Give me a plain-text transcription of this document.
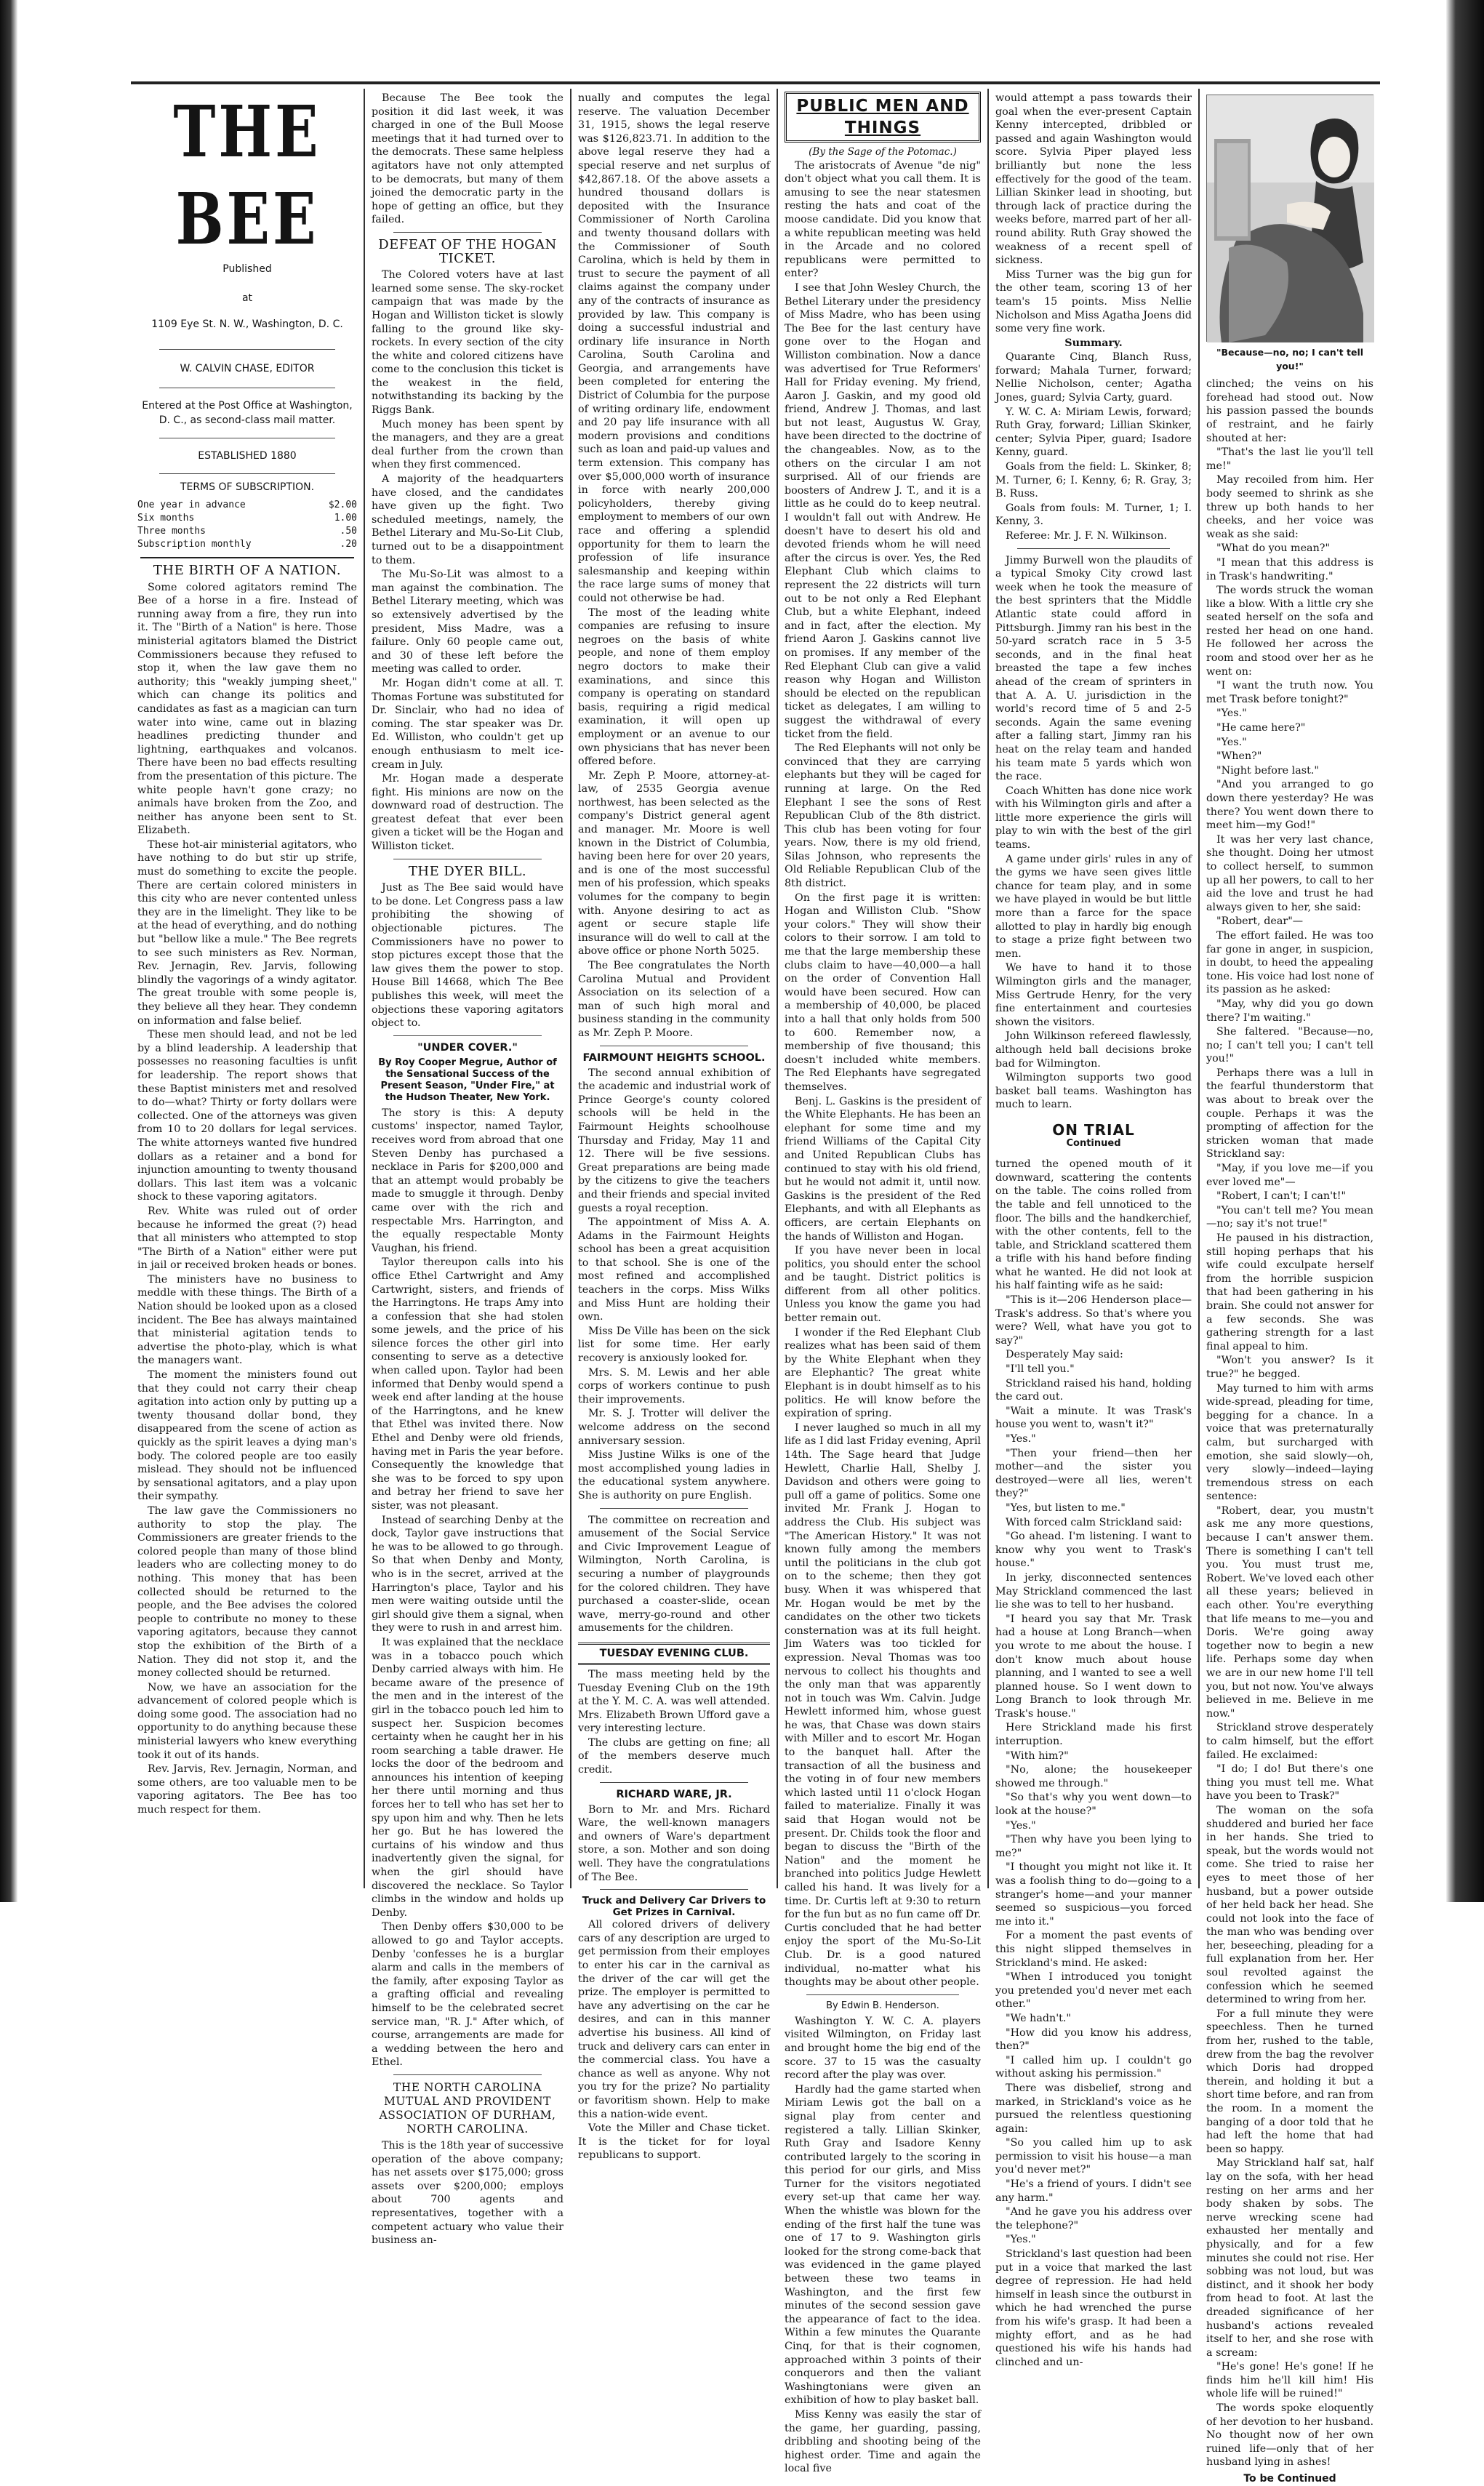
THE BEE
Published
at
1109 Eye St. N. W., Washington, D. C.
W. CALVIN CHASE, EDITOR
Entered at the Post Office at Washington, D. C., as second-class mail matter.
ESTABLISHED 1880
TERMS OF SUBSCRIPTION.
One year in advance	$2.00
Six months	1.00
Three months	.50
Subscription monthly	.20
THE BIRTH OF A NATION.

Some colored agitators remind The Bee of a horse in a fire. Instead of running away from a fire, they run into it. The "Birth of a Nation" is here. Those ministerial agitators blamed the District Commissioners because they refused to stop it, when the law gave them no authority; this "weakly jumping sheet," which can change its politics and candidates as fast as a magician can turn water into wine, came out in blazing headlines predicting thunder and lightning, earthquakes and volcanos. There have been no bad effects resulting from the presentation of this picture. The white people havn't gone crazy; no animals have broken from the Zoo, and neither has anyone been sent to St. Elizabeth.

These hot-air ministerial agitators, who have nothing to do but stir up strife, must do something to excite the people. There are certain colored ministers in this city who are never contented unless they are in the limelight. They like to be at the head of everything, and do nothing but "bellow like a mule." The Bee regrets to see such ministers as Rev. Norman, Rev. Jernagin, Rev. Jarvis, following blindly the vagorings of a windy agitator. The great trouble with some people is, they believe all they hear. They condemn on information and false belief.

These men should lead, and not be led by a blind leadership. A leadership that possesses no reasoning faculties is unfit for leadership. The report shows that these Baptist ministers met and resolved to do—what? Thirty or forty dollars were collected. One of the attorneys was given from 10 to 20 dollars for legal services. The white attorneys wanted five hundred dollars as a retainer and a bond for injunction amounting to twenty thousand dollars. This last item was a volcanic shock to these vaporing agitators.

Rev. White was ruled out of order because he informed the great (?) head that all ministers who attempted to stop "The Birth of a Nation" either were put in jail or received broken heads or bones.

The ministers have no business to meddle with these things. The Birth of a Nation should be looked upon as a closed incident. The Bee has always maintained that ministerial agitation tends to advertise the photo-play, which is what the managers want.

The moment the ministers found out that they could not carry their cheap agitation into action only by putting up a twenty thousand dollar bond, they disappeared from the scene of action as quickly as the spirit leaves a dying man's body. The colored people are too easily mislead. They should not be influenced by sensational agitators, and a play upon their sympathy.

The law gave the Commissioners no authority to stop the play. The Commissioners are greater friends to the colored people than many of those blind leaders who are collecting money to do nothing. This money that has been collected should be returned to the people, and the Bee advises the colored people to contribute no money to these vaporing agitators, because they cannot stop the exhibition of the Birth of a Nation. They did not stop it, and the money collected should be returned.

Now, we have an association for the advancement of colored people which is doing some good. The association had no opportunity to do anything because these ministerial lawyers who knew everything took it out of its hands.

Rev. Jarvis, Rev. Jernagin, Norman, and some others, are too valuable men to be vaporing agitators. The Bee has too much respect for them.

Because The Bee took the position it did last week, it was charged in one of the Bull Moose meetings that it had turned over to the democrats. These same helpless agitators have not only attempted to be democrats, but many of them joined the democratic party in the hope of getting an office, but they failed.

DEFEAT OF THE HOGAN TICKET.

The Colored voters have at last learned some sense. The sky-rocket campaign that was made by the Hogan and Williston ticket is slowly falling to the ground like sky-rockets. In every section of the city the white and colored citizens have come to the conclusion this ticket is the weakest in the field, notwithstanding its backing by the Riggs Bank.

Much money has been spent by the managers, and they are a great deal further from the crown than when they first commenced.

A majority of the headquarters have closed, and the candidates have given up the fight. Two scheduled meetings, namely, the Bethel Literary and Mu-So-Lit Club, turned out to be a disappointment to them.

The Mu-So-Lit was almost to a man against the combination. The Bethel Literary meeting, which was so extensively advertised by the president, Miss Madre, was a failure. Only 60 people came out, and 30 of these left before the meeting was called to order.

Mr. Hogan didn't come at all. T. Thomas Fortune was substituted for Dr. Sinclair, who had no idea of coming. The star speaker was Dr. Ed. Williston, who couldn't get up enough enthusiasm to melt ice-cream in July.

Mr. Hogan made a desperate fight. His minions are now on the downward road of destruction. The greatest defeat that ever been given a ticket will be the Hogan and Williston ticket.

THE DYER BILL.

Just as The Bee said would have to be done. Let Congress pass a law prohibiting the showing of objectionable pictures. The Commissioners have no power to stop pictures except those that the law gives them the power to stop. House Bill 14668, which The Bee publishes this week, will meet the objections these vaporing agitators object to.

"UNDER COVER."
By Roy Cooper Megrue, Author of the Sensational Success of the Present Season, "Under Fire," at the Hudson Theater, New York.

The story is this: A deputy customs' inspector, named Taylor, receives word from abroad that one Steven Denby has purchased a necklace in Paris for $200,000 and that an attempt would probably be made to smuggle it through. Denby came over with the rich and respectable Mrs. Harrington, and the equally respectable Monty Vaughan, his friend.

Taylor thereupon calls into his office Ethel Cartwright and Amy Cartwright, sisters, and friends of the Harringtons. He traps Amy into a confession that she had stolen some jewels, and the price of his silence forces the other girl into consenting to serve as a detective when called upon. Taylor had been informed that Denby would spend a week end after landing at the house of the Harringtons, and he knew that Ethel was invited there. Now Ethel and Denby were old friends, having met in Paris the year before. Consequently the knowledge that she was to be forced to spy upon and betray her friend to save her sister, was not pleasant.

Instead of searching Denby at the dock, Taylor gave instructions that he was to be allowed to go through. So that when Denby and Monty, who is in the secret, arrived at the Harrington's place, Taylor and his men were waiting outside until the girl should give them a signal, when they were to rush in and arrest him.

It was explained that the necklace was in a tobacco pouch which Denby carried always with him. He became aware of the presence of the men and in the interest of the girl in the tobacco pouch led him to suspect her. Suspicion becomes certainty when he caught her in his room searching a table drawer. He locks the door of the bedroom and announces his intention of keeping her there until morning and thus forces her to tell who has set her to spy upon him and why. Then he lets her go. But he has lowered the curtains of his window and thus inadvertently given the signal, for when the girl should have discovered the necklace. So Taylor climbs in the window and holds up Denby.

Then Denby offers $30,000 to be allowed to go and Taylor accepts. Denby 'confesses he is a burglar alarm and calls in the members of the family, after exposing Taylor as a grafting official and revealing himself to be the celebrated secret service man, "R. J." After which, of course, arrangements are made for a wedding between the hero and Ethel.

THE NORTH CAROLINA MUTUAL AND PROVIDENT ASSOCIATION OF DURHAM, NORTH CAROLINA.

This is the 18th year of successive operation of the above company; has net assets over $175,000; gross assets over $200,000; employs about 700 agents and representatives, together with a competent actuary who value their business an-

nually and computes the legal reserve. The valuation December 31, 1915, shows the legal reserve was $126,823.71. In addition to the above legal reserve they had a special reserve and net surplus of $42,867.18. Of the above assets a hundred thousand dollars is deposited with the Insurance Commissioner of North Carolina and twenty thousand dollars with the Commissioner of South Carolina, which is held by them in trust to secure the payment of all claims against the company under any of the contracts of insurance as provided by law. This company is doing a successful industrial and ordinary life insurance in North Carolina, South Carolina and Georgia, and arrangements have been completed for entering the District of Columbia for the purpose of writing ordinary life, endowment and 20 pay life insurance with all modern provisions and conditions such as loan and paid-up values and term extension. This company has over $5,000,000 worth of insurance in force with nearly 200,000 policyholders, thereby giving employment to members of our own race and offering a splendid opportunity for them to learn the profession of life insurance salesmanship and keeping within the race large sums of money that could not otherwise be had.

The most of the leading white companies are refusing to insure negroes on the basis of white people, and none of them employ negro doctors to make their examinations, and since this company is operating on standard basis, requiring a rigid medical examination, it will open up employment or an avenue to our own physicians that has never been offered before.

Mr. Zeph P. Moore, attorney-at-law, of 2535 Georgia avenue northwest, has been selected as the company's District general agent and manager. Mr. Moore is well known in the District of Columbia, having been here for over 20 years, and is one of the most successful men of his profession, which speaks volumes for the company to begin with. Anyone desiring to act as agent or secure staple life insurance will do well to call at the above office or phone North 5025.

The Bee congratulates the North Carolina Mutual and Provident Association on its selection of a man of such high moral and business standing in the community as Mr. Zeph P. Moore.

FAIRMOUNT HEIGHTS SCHOOL.

The second annual exhibition of the academic and industrial work of Prince George's county colored schools will be held in the Fairmount Heights schoolhouse Thursday and Friday, May 11 and 12. There will be five sessions. Great preparations are being made by the citizens to give the teachers and their friends and special invited guests a royal reception.

The appointment of Miss A. A. Adams in the Fairmount Heights school has been a great acquisition to that school. She is one of the most refined and accomplished teachers in the corps. Miss Wilks and Miss Hunt are holding their own.

Miss De Ville has been on the sick list for some time. Her early recovery is anxiously looked for.

Mrs. S. M. Lewis and her able corps of workers continue to push their improvements.

Mr. S. J. Trotter will deliver the welcome address on the second anniversary session.

Miss Justine Wilks is one of the most accomplished young ladies in the educational system anywhere. She is authority on pure English.

The committee on recreation and amusement of the Social Service and Civic Improvement League of Wilmington, North Carolina, is securing a number of playgrounds for the colored children. They have purchased a coaster-slide, ocean wave, merry-go-round and other amusements for the children.

TUESDAY EVENING CLUB.

The mass meeting held by the Tuesday Evening Club on the 19th at the Y. M. C. A. was well attended. Mrs. Elizabeth Brown Ufford gave a very interesting lecture.

The clubs are getting on fine; all of the members deserve much credit.

RICHARD WARE, JR.

Born to Mr. and Mrs. Richard Ware, the well-known managers and owners of Ware's department store, a son. Mother and son doing well. They have the congratulations of The Bee.

Truck and Delivery Car Drivers to Get Prizes in Carnival.

All colored drivers of delivery cars of any description are urged to get permission from their employes to enter his car in the carnival as the driver of the car will get the prize. The employer is permitted to have any advertising on the car he desires, and can in this manner advertise his business. All kind of truck and delivery cars can enter in the commercial class. You have a chance as well as anyone. Why not you try for the prize? No partiality or favoritism shown. Help to make this a nation-wide event.

Vote the Miller and Chase ticket. It is the ticket for for loyal republicans to support.

PUBLIC MEN AND THINGS
(By the Sage of the Potomac.)

The aristocrats of Avenue "de nig" don't object what you call them. It is amusing to see the near statesmen resting the hats and coat of the moose candidate. Did you know that a white republican meeting was held in the Arcade and no colored republicans were permitted to enter?

I see that John Wesley Church, the Bethel Literary under the presidency of Miss Madre, who has been using The Bee for the last century have gone over to the Hogan and Williston combination. Now a dance was advertised for True Reformers' Hall for Friday evening. My friend, Aaron J. Gaskin, and my good old friend, Andrew J. Thomas, and last but not least, Augustus W. Gray, have been directed to the doctrine of the changeables. Now, as to the others on the circular I am not surprised. All of our friends are boosters of Andrew J. T., and it is a little as he could do to keep neutral. I wouldn't fall out with Andrew. He doesn't have to desert his old and devoted friends whom he will need after the circus is over. Yes, the Red Elephant Club which claims to represent the 22 districts will turn out to be not only a Red Elephant Club, but a white Elephant, indeed and in fact, after the election. My friend Aaron J. Gaskins cannot live on promises. If any member of the Red Elephant Club can give a valid reason why Hogan and Williston should be elected on the republican ticket as delegates, I am willing to suggest the withdrawal of every ticket from the field.

The Red Elephants will not only be convinced that they are carrying elephants but they will be caged for running at large. On the Red Elephant I see the sons of Rest Republican Club of the 8th district. This club has been voting for four years. Now, there is my old friend, Silas Johnson, who represents the Old Reliable Republican Club of the 8th district.

On the first page it is written: Hogan and Williston Club. "Show your colors." They will show their colors to their sorrow. I am told to me that the large membership these clubs claim to have—40,000—a hall on the order of Convention Hall would have been secured. How can a membership of 40,000, be placed into a hall that only holds from 500 to 600. Remember now, a membership of five thousand; this doesn't included white members. The Red Elephants have segregated themselves.

Benj. L. Gaskins is the president of the White Elephants. He has been an elephant for some time and my friend Williams of the Capital City and United Republican Clubs has continued to stay with his old friend, but he would not admit it, until now. Gaskins is the president of the Red Elephants, and with all Elephants as officers, are certain Elephants on the hands of Williston and Hogan.

If you have never been in local politics, you should enter the school and be taught. District politics is different from all other politics. Unless you know the game you had better remain out.

I wonder if the Red Elephant Club realizes what has been said of them by the White Elephant when they are Elephantic? The great white Elephant is in doubt himself as to his politics. He will know before the expiration of spring.

I never laughed so much in all my life as I did last Friday evening, April 14th. The Sage heard that Judge Hewlett, Charlie Hall, Shelby J. Davidson and others were going to pull off a game of politics. Some one invited Mr. Frank J. Hogan to address the Club. His subject was "The American History." It was not known fully among the members until the politicians in the club got on to the scheme; then they got busy. When it was whispered that Mr. Hogan would be met by the candidates on the other two tickets consternation was at its full height. Jim Waters was too tickled for expression. Neval Thomas was too nervous to collect his thoughts and the only man that was apparently not in touch was Wm. Calvin. Judge Hewlett informed him, whose guest he was, that Chase was down stairs with Miller and to escort Mr. Hogan to the banquet hall. After the transaction of all the business and the voting in of four new members which lasted until 11 o'clock Hogan failed to materialize. Finally it was said that Hogan would not be present. Dr. Childs took the floor and began to discuss the "Birth of the Nation" and the moment he branched into politics Judge Hewlett called his hand. It was lively for a time. Dr. Curtis left at 9:30 to return for the fun but as no fun came off Dr. Curtis concluded that he had better enjoy the sport of the Mu-So-Lit Club. Dr. is a good natured individual, no-matter what his thoughts may be about other people.

By Edwin B. Henderson.

Washington Y. W. C. A. players visited Wilmington, on Friday last and brought home the big end of the score. 37 to 15 was the casualty record after the play was over.

Hardly had the game started when Miriam Lewis got the ball on a signal play from center and registered a tally. Lillian Skinker, Ruth Gray and Isadore Kenny contributed largely to the scoring in this period for our girls, and Miss Turner for the visitors negotiated every set-up that came her way. When the whistle was blown for the ending of the first half the tune was one of 17 to 9. Washington girls looked for the strong come-back that was evidenced in the game played between these two teams in Washington, and the first few minutes of the second session gave the appearance of fact to the idea. Within a few minutes the Quarante Cinq, for that is their cognomen, approached within 3 points of their conquerors and then the valiant Washingtonians were given an exhibition of how to play basket ball.

Miss Kenny was easily the star of the game, her guarding, passing, dribbling and shooting being of the highest order. Time and again the local five

would attempt a pass towards their goal when the ever-present Captain Kenny intercepted, dribbled or passed and again Washington would score. Sylvia Piper played less brilliantly but none the less effectively for the good of the team. Lillian Skinker lead in shooting, but through lack of practice during the weeks before, marred part of her all-round ability. Ruth Gray showed the weakness of a recent spell of sickness.

Miss Turner was the big gun for the other team, scoring 13 of her team's 15 points. Miss Nellie Nicholson and Miss Agatha Joens did some very fine work.

Summary.

Quarante Cinq, Blanch Russ, forward; Mahala Turner, forward; Nellie Nicholson, center; Agatha Jones, guard; Sylvia Carty, guard.

Y. W. C. A: Miriam Lewis, forward; Ruth Gray, forward; Lillian Skinker, center; Sylvia Piper, guard; Isadore Kenny, guard.

Goals from the field: L. Skinker, 8; M. Turner, 6; I. Kenny, 6; R. Gray, 3; B. Russ.

Goals from fouls: M. Turner, 1; I. Kenny, 3.

Referee: Mr. J. F. N. Wilkinson.

Jimmy Burwell won the plaudits of a typical Smoky City crowd last week when he took the measure of the best sprinters that the Middle Atlantic state could afford in Pittsburgh. Jimmy ran his best in the 50-yard scratch race in 5 3-5 seconds, and in the final heat breasted the tape a few inches ahead of the cream of sprinters in that A. A. U. jurisdiction in the world's record time of 5 and 2-5 seconds. Again the same evening after a falling start, Jimmy ran his heat on the relay team and handed his team mate 5 yards which won the race.

Coach Whitten has done nice work with his Wilmington girls and after a little more experience the girls will play to win with the best of the girl teams.

A game under girls' rules in any of the gyms we have seen gives little chance for team play, and in some we have played in would be but little more than a farce for the space allotted to play in hardly big enough to stage a prize fight between two men.

We have to hand it to those Wilmington girls and the manager, Miss Gertrude Henry, for the very fine entertainment and courtesies shown the visitors.

John Wilkinson refereed flawlessly, although held ball decisions broke bad for Wilmington.

Wilmington supports two good basket ball teams. Washington has much to learn.

ON TRIAL
Continued

turned the opened mouth of it downward, scattering the contents on the table. The coins rolled from the table and fell unnoticed to the floor. The bills and the handkerchief, with the other contents, fell to the table, and Strickland scattered them a trifle with his hand before finding what he wanted. He did not look at his half fainting wife as he said:

"This is it—206 Henderson place—Trask's address. So that's where you were? Well, what have you got to say?"

Desperately May said:

"I'll tell you."

Strickland raised his hand, holding the card out.

"Wait a minute. It was Trask's house you went to, wasn't it?"

"Yes."

"Then your friend—then her mother—and the sister you destroyed—were all lies, weren't they?"

"Yes, but listen to me."

With forced calm Strickland said:

"Go ahead. I'm listening. I want to know why you went to Trask's house."

In jerky, disconnected sentences May Strickland commenced the last lie she was to tell to her husband.

"I heard you say that Mr. Trask had a house at Long Branch—when you wrote to me about the house. I don't know much about house planning, and I wanted to see a well planned house. So I went down to Long Branch to look through Mr. Trask's house."

Here Strickland made his first interruption.

"With him?"

"No, alone; the housekeeper showed me through."

"So that's why you went down—to look at the house?"

"Yes."

"Then why have you been lying to me?"

"I thought you might not like it. It was a foolish thing to do—going to a stranger's home—and your manner seemed so suspicious—you forced me into it."

For a moment the past events of this night slipped themselves in Strickland's mind. He asked:

"When I introduced you tonight you pretended you'd never met each other."

"We hadn't."

"How did you know his address, then?"

"I called him up. I couldn't go without asking his permission."

There was disbelief, strong and marked, in Strickland's voice as he pursued the relentless questioning again:

"So you called him up to ask permission to visit his house—a man you'd never met?"

"He's a friend of yours. I didn't see any harm."

"And he gave you his address over the telephone?"

"Yes."

Strickland's last question had been put in a voice that marked the last degree of repression. He had held himself in leash since the outburst in which he had wrenched the purse from his wife's grasp. It had been a mighty effort, and as he had questioned his wife his hands had clinched and un-

"Because—no, no; I can't tell you!"

clinched; the veins on his forehead had stood out. Now his passion passed the bounds of restraint, and he fairly shouted at her:

"That's the last lie you'll tell me!"

May recoiled from him. Her body seemed to shrink as she threw up both hands to her cheeks, and her voice was weak as she said:

"What do you mean?"

"I mean that this address is in Trask's handwriting."

The words struck the woman like a blow. With a little cry she seated herself on the sofa and rested her head on one hand. He followed her across the room and stood over her as he went on:

"I want the truth now. You met Trask before tonight?"

"Yes."

"He came here?"

"Yes."

"When?"

"Night before last."

"And you arranged to go down there yesterday? He was there? You went down there to meet him—my God!"

It was her very last chance, she thought. Doing her utmost to collect herself, to summon up all her powers, to call to her aid the love and trust he had always given to her, she said:

"Robert, dear"—

The effort failed. He was too far gone in anger, in suspicion, in doubt, to heed the appealing tone. His voice had lost none of its passion as he asked:

"May, why did you go down there? I'm waiting."

She faltered. "Because—no, no; I can't tell you; I can't tell you!"

Perhaps there was a lull in the fearful thunderstorm that was about to break over the couple. Perhaps it was the prompting of affection for the stricken woman that made Strickland say:

"May, if you love me—if you ever loved me"—

"Robert, I can't; I can't!"

"You can't tell me? You mean—no; say it's not true!"

He paused in his distraction, still hoping perhaps that his wife could exculpate herself from the horrible suspicion that had been gathering in his brain. She could not answer for a few seconds. She was gathering strength for a last final appeal to him.

"Won't you answer? Is it true?" he begged.

May turned to him with arms wide-spread, pleading for time, begging for a chance. In a voice that was preternaturally calm, but surcharged with emotion, she said slowly—oh, very slowly—indeed—laying tremendous stress on each sentence:

"Robert, dear, you mustn't ask me any more questions, because I can't answer them. There is something I can't tell you. You must trust me, Robert. We've loved each other all these years; believed in each other. You're everything that life means to me—you and Doris. We're going away together now to begin a new life. Perhaps some day when we are in our new home I'll tell you, but not now. You've always believed in me. Believe in me now."

Strickland strove desperately to calm himself, but the effort failed. He exclaimed:

"I do; I do! But there's one thing you must tell me. What have you been to Trask?"

The woman on the sofa shuddered and buried her face in her hands. She tried to speak, but the words would not come. She tried to raise her eyes to meet those of her husband, but a power outside of her held back her head. She could not look into the face of the man who was bending over her, beseeching, pleading for a full explanation from her. Her soul revolted against the confession which he seemed determined to wring from her.

For a full minute they were speechless. Then he turned from her, rushed to the table, drew from the bag the revolver which Doris had dropped therein, and holding it but a short time before, and ran from the room. In a moment the banging of a door told that he had left the home that had been so happy.

May Strickland half sat, half lay on the sofa, with her head resting on her arms and her body shaken by sobs. The nerve wrecking scene had exhausted her mentally and physically, and for a few minutes she could not rise. Her sobbing was not loud, but was distinct, and it shook her body from head to foot. At last the dreaded significance of her husband's actions revealed itself to her, and she rose with a scream:

"He's gone! He's gone! If he finds him he'll kill him! His whole life will be ruined!"

The words spoke eloquently of her devotion to her husband. No thought now of her own ruined life—only that of her husband lying in ashes!

To be Continued
